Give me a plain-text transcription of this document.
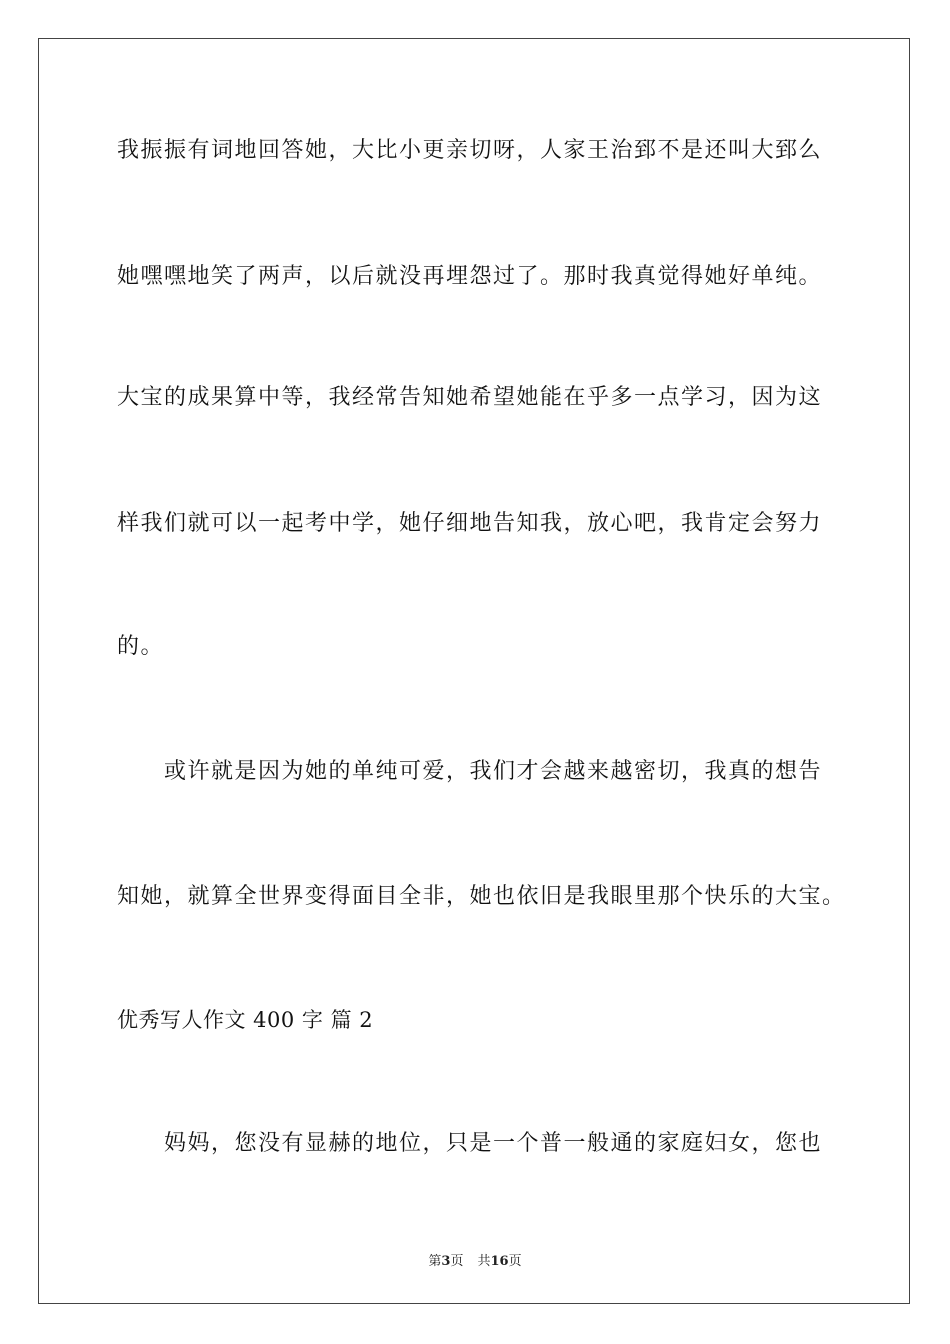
我振振有词地回答她，大比小更亲切呀，人家王治郅不是还叫大郅么
她嘿嘿地笑了两声，以后就没再埋怨过了。那时我真觉得她好单纯。
大宝的成果算中等，我经常告知她希望她能在乎多一点学习，因为这
样我们就可以一起考中学，她仔细地告知我，放心吧，我肯定会努力
的。
或许就是因为她的单纯可爱，我们才会越来越密切，我真的想告
知她，就算全世界变得面目全非，她也依旧是我眼里那个快乐的大宝。
优秀写人作文 400 字 篇 2
妈妈，您没有显赫的地位，只是一个普一般通的家庭妇女，您也
第3页 共16页
